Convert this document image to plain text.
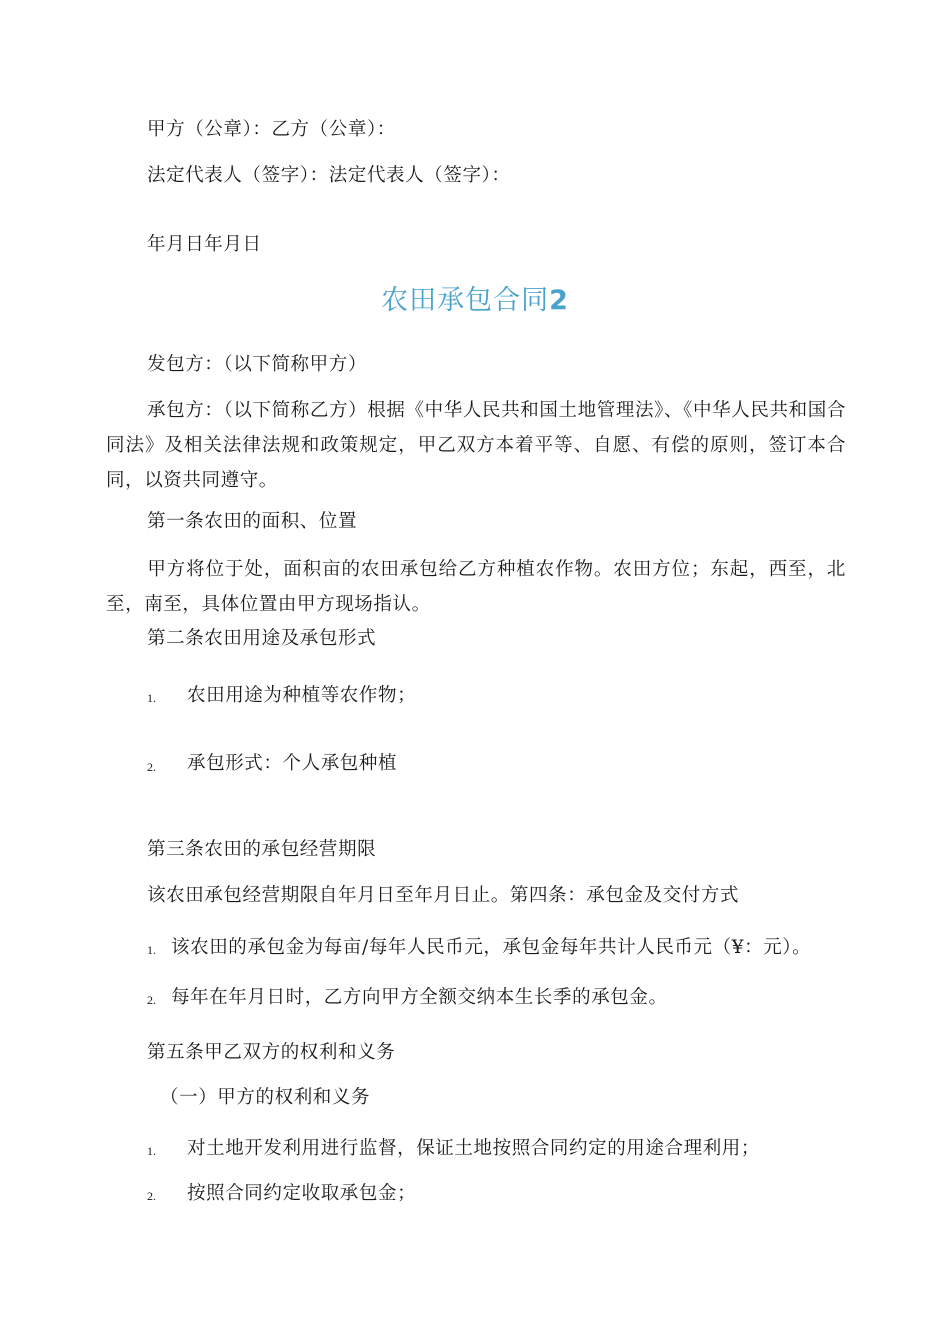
甲方（公章）：乙方（公章）：
法定代表人（签字）：法定代表人（签字）：
年月日年月日
农田承包合同2
发包方：（以下简称甲方）
承包方：（以下简称乙方）根据《中华人民共和国土地管理法》、《中华人民共和国合同法》及相关法律法规和政策规定，甲乙双方本着平等、自愿、有偿的原则，签订本合同，以资共同遵守。
第一条农田的面积、位置
甲方将位于处，面积亩的农田承包给乙方种植农作物。农田方位；东起，西至，北至，南至，具体位置由甲方现场指认。
第二条农田用途及承包形式
1. 农田用途为种植等农作物；
2. 承包形式：个人承包种植
第三条农田的承包经营期限
该农田承包经营期限自年月日至年月日止。第四条：承包金及交付方式
1. 该农田的承包金为每亩/每年人民币元，承包金每年共计人民币元（¥：元）。
2. 每年在年月日时，乙方向甲方全额交纳本生长季的承包金。
第五条甲乙双方的权利和义务
（一）甲方的权利和义务
1. 对土地开发利用进行监督，保证土地按照合同约定的用途合理利用；
2. 按照合同约定收取承包金；
